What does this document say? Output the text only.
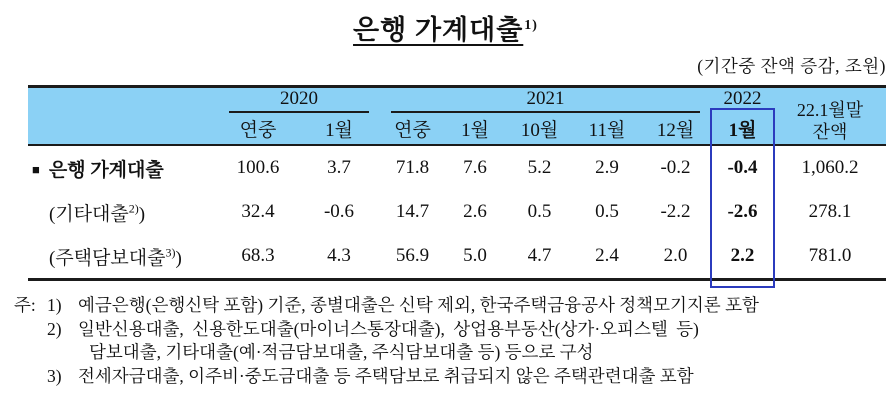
은행 가계대출$^{1)}$
(기간중 잔액 증감, 조원)

	2020		2021					2022	22.1월말
잔액
	연중	1월	연중	1월	10월	11월	12월	1월	
■ 은행 가계대출	100.6	3.7	71.8	7.6	5.2	2.9	-0.2	-0.4	1,060.2
(기타대출$^{2)}$)	32.4	-0.6	14.7	2.6	0.5	0.5	-2.2	-2.6	278.1
(주택담보대출$^{3)}$)	68.3	4.3	56.9	5.0	4.7	2.4	2.0	2.2	781.0
주: 1) 예금은행(은행신탁 포함) 기준, 종별대출은 신탁 제외, 한국주택금융공사 정책모기지론 포함
2) 일반신용대출, 신용한도대출(마이너스통장대출), 상업용부동산(상가·오피스텔 등)
담보대출, 기타대출(예·적금담보대출, 주식담보대출 등) 등으로 구성
3) 전세자금대출, 이주비·중도금대출 등 주택담보로 취급되지 않은 주택관련대출 포함
